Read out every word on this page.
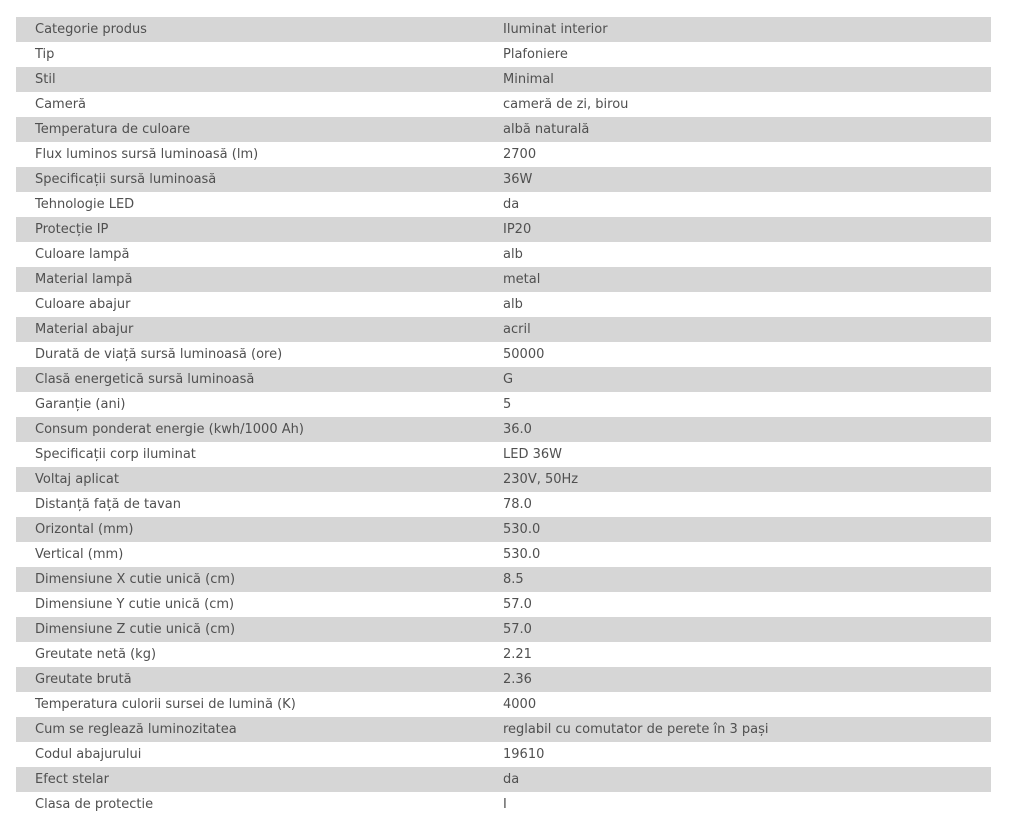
Categorie produs	Iluminat interior
Tip	Plafoniere
Stil	Minimal
Cameră	cameră de zi, birou
Temperatura de culoare	albă naturală
Flux luminos sursă luminoasă (lm)	2700
Specificații sursă luminoasă	36W
Tehnologie LED	da
Protecție IP	IP20
Culoare lampă	alb
Material lampă	metal
Culoare abajur	alb
Material abajur	acril
Durată de viață sursă luminoasă (ore)	50000
Clasă energetică sursă luminoasă	G
Garanție (ani)	5
Consum ponderat energie (kwh/1000 Ah)	36.0
Specificații corp iluminat	LED 36W
Voltaj aplicat	230V, 50Hz
Distanță față de tavan	78.0
Orizontal (mm)	530.0
Vertical (mm)	530.0
Dimensiune X cutie unică (cm)	8.5
Dimensiune Y cutie unică (cm)	57.0
Dimensiune Z cutie unică (cm)	57.0
Greutate netă (kg)	2.21
Greutate brută	2.36
Temperatura culorii sursei de lumină (K)	4000
Cum se reglează luminozitatea	reglabil cu comutator de perete în 3 pași
Codul abajurului	19610
Efect stelar	da
Clasa de protectie	I
